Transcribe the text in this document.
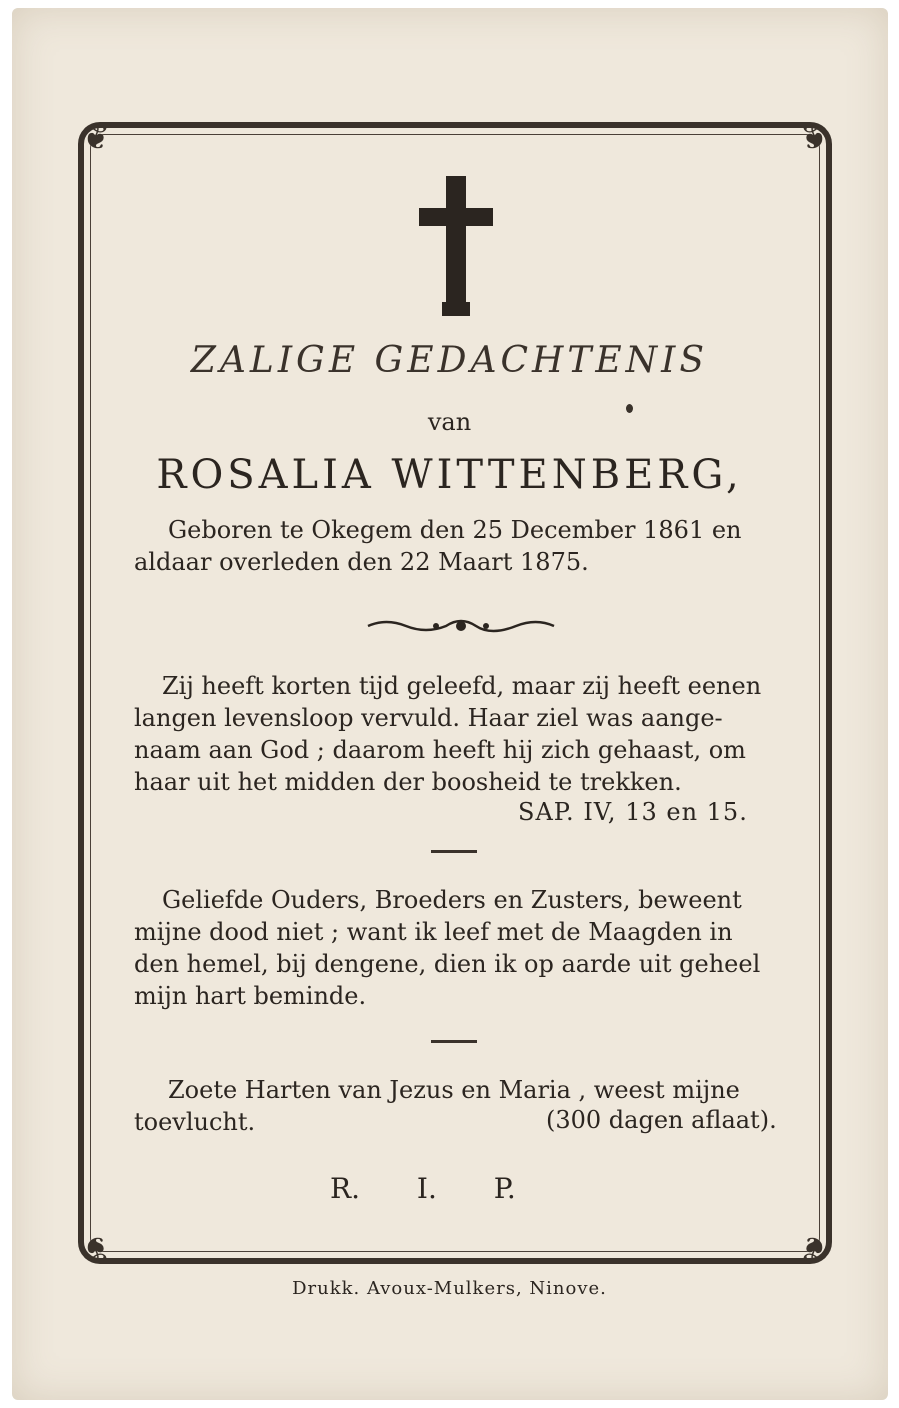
❦	❦
❦	❦
ZALIGE GEDACHTENIS
van
ROSALIA WITTENBERG,
Geboren te Okegem den 25 December 1861 en
aldaar overleden den 22 Maart 1875.
Zij heeft korten tijd geleefd, maar zij heeft eenen
langen levensloop vervuld. Haar ziel was aange-
naam aan God ; daarom heeft hij zich gehaast, om
haar uit het midden der boosheid te trekken.
SAP. IV, 13 en 15.
Geliefde Ouders, Broeders en Zusters, beweent
mijne dood niet ; want ik leef met de Maagden in
den hemel, bij dengene, dien ik op aarde uit geheel
mijn hart beminde.
Zoete Harten van Jezus en Maria , weest mijne
toevlucht.	(300 dagen aflaat).
R. I. P.
Drukk. Avoux-Mulkers, Ninove.
